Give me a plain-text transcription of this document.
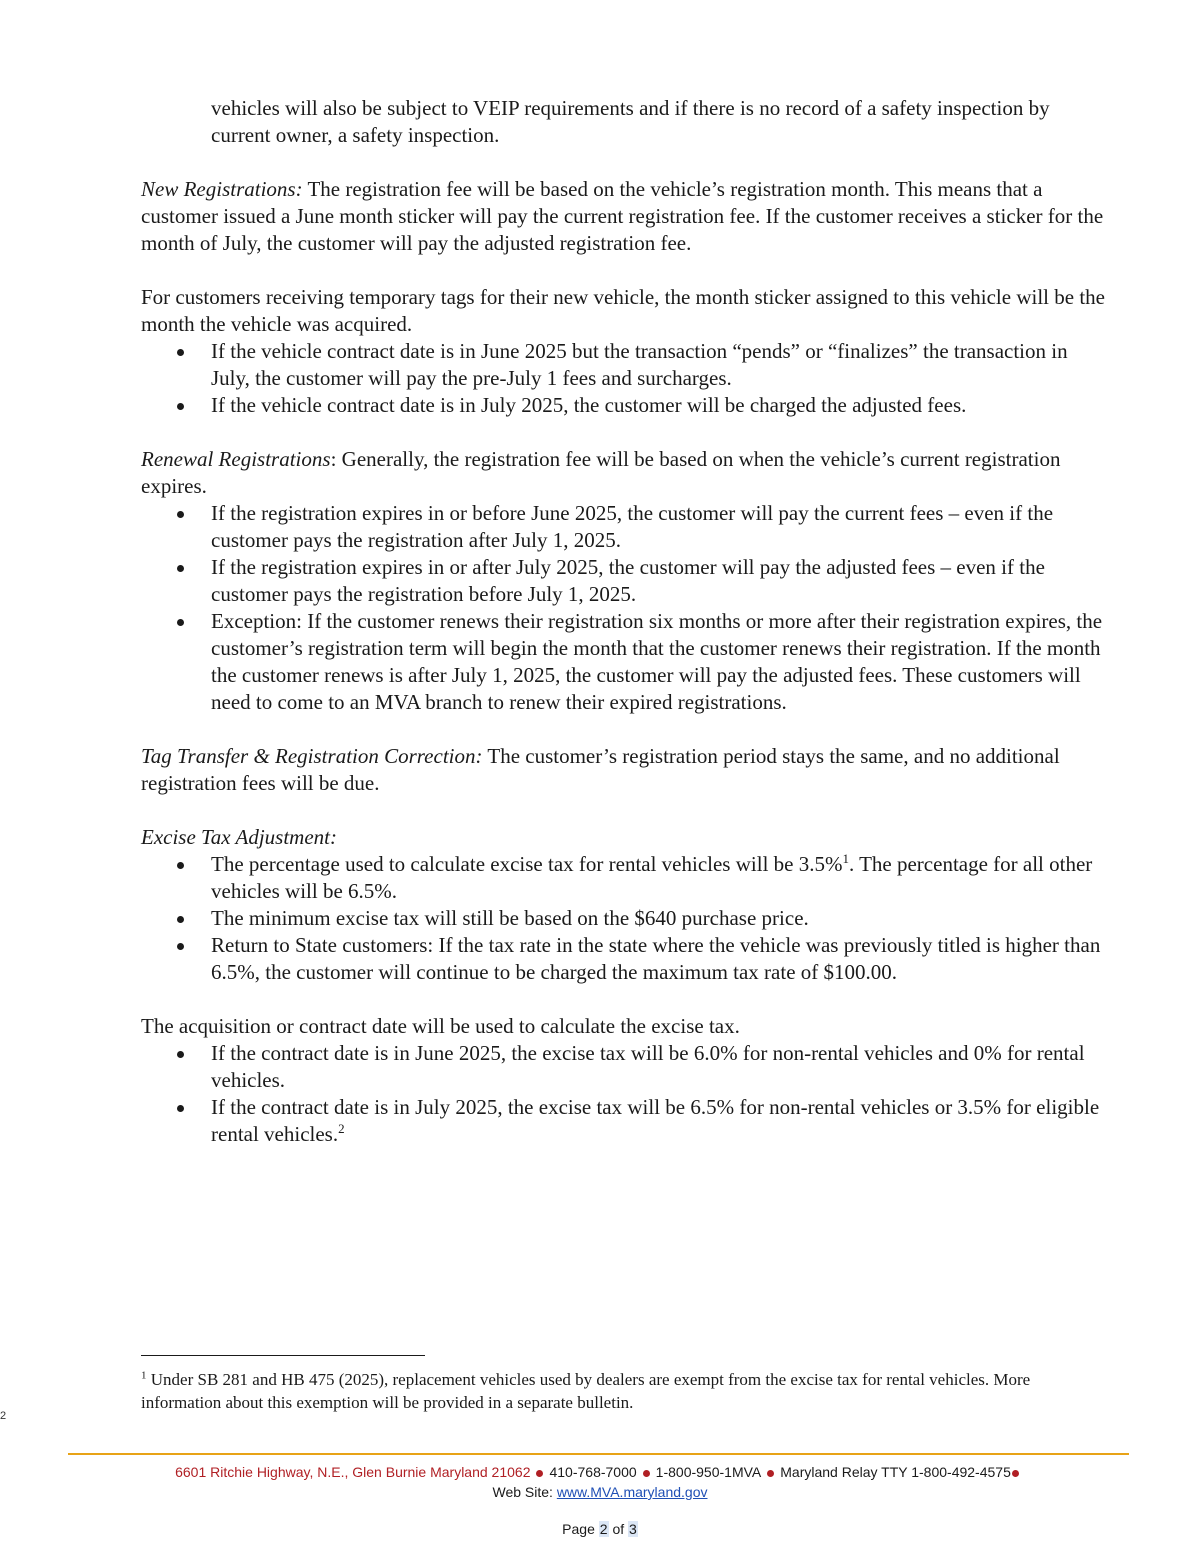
vehicles will also be subject to VEIP requirements and if there is no record of a safety inspection by current owner, a safety inspection.

New Registrations: The registration fee will be based on the vehicle’s registration month. This means that a customer issued a June month sticker will pay the current registration fee. If the customer receives a sticker for the month of July, the customer will pay the adjusted registration fee.

For customers receiving temporary tags for their new vehicle, the month sticker assigned to this vehicle will be the month the vehicle was acquired.

If the vehicle contract date is in June 2025 but the transaction “pends” or “finalizes” the transaction in July, the customer will pay the pre-July 1 fees and surcharges.
If the vehicle contract date is in July 2025, the customer will be charged the adjusted fees.

Renewal Registrations: Generally, the registration fee will be based on when the vehicle’s current registration expires.

If the registration expires in or before June 2025, the customer will pay the current fees – even if the customer pays the registration after July 1, 2025.
If the registration expires in or after July 2025, the customer will pay the adjusted fees – even if the customer pays the registration before July 1, 2025.
Exception: If the customer renews their registration six months or more after their registration expires, the customer’s registration term will begin the month that the customer renews their registration. If the month the customer renews is after July 1, 2025, the customer will pay the adjusted fees. These customers will need to come to an MVA branch to renew their expired registrations.

Tag Transfer & Registration Correction: The customer’s registration period stays the same, and no additional registration fees will be due.

Excise Tax Adjustment:

The percentage used to calculate excise tax for rental vehicles will be 3.5%$^1$. The percentage for all other vehicles will be 6.5%.
The minimum excise tax will still be based on the $640 purchase price.
Return to State customers: If the tax rate in the state where the vehicle was previously titled is higher than 6.5%, the customer will continue to be charged the maximum tax rate of $100.00.

The acquisition or contract date will be used to calculate the excise tax.

If the contract date is in June 2025, the excise tax will be 6.0% for non-rental vehicles and 0% for rental vehicles.
If the contract date is in July 2025, the excise tax will be 6.5% for non-rental vehicles or 3.5% for eligible rental vehicles.$^2$
$^1$ Under SB 281 and HB 475 (2025), replacement vehicles used by dealers are exempt from the excise tax for rental vehicles. More information about this exemption will be provided in a separate bulletin.
2
6601 Ritchie Highway, N.E., Glen Burnie Maryland 21062 410-768-7000 1-800-950-1MVA Maryland Relay TTY 1-800-492-4575
Web Site: www.MVA.maryland.gov
Page 2 of 3
